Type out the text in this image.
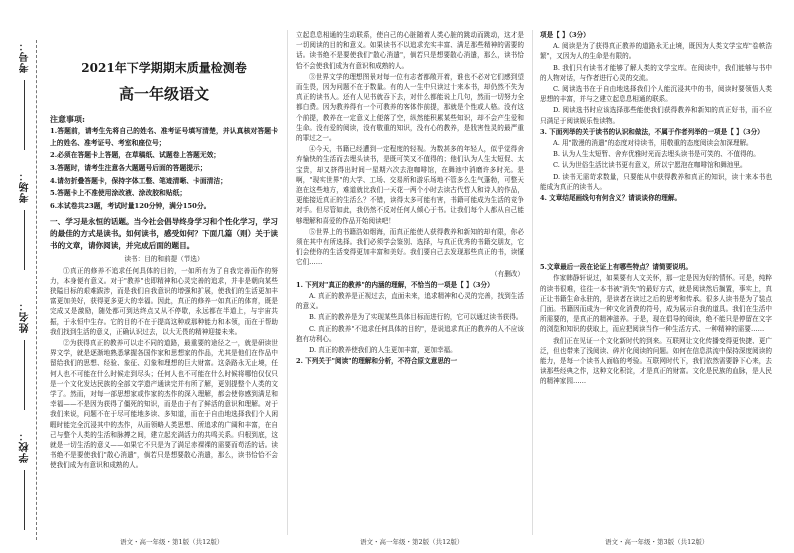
考号：
考场：
姓名：
学校：
2021年下学期期末质量检测卷
高一年级语文
注意事项:

1.答题前，请考生先将自己的姓名、准考证号填写清楚，并认真核对答题卡上的姓名、准考证号、考室和座位号；

2.必须在答题卡上答题，在草稿纸、试题卷上答题无效；

3.答题时，请考生注意各大题题号后面的答题提示；

4.请勿折叠答题卡，保持字体工整、笔迹清晰、卡面清洁；

5.答题卡上不准使用涂改液、涂改胶和贴纸；

6.本试卷共23题，考试时量120分钟，满分150分。

一、学习是永恒的话题。当今社会倡导终身学习和个性化学习，学习的最佳的方式是读书。如何读书，感受如何？下面几篇（则）关于读书的文章，请你阅读，并完成后面的题目。

读书：目的和前提（节选）

①真正的修养不追求任何具体的目的，一如所有为了自我完善而作的努力，本身便有意义。对于"教养"也即精神和心灵完善的追求，并非是朝向某些狭隘目标的艰难跋涉，而是我们自我意识的增强和扩展，使我们的生活更加丰富更加美好，获得更多更大的幸福。因此，真正的修养一如真正的体育，既是完成又是激励，随处都可到达终点又从不停歇，永远都在半道上，与宇宙共振，于永恒中生存。它的目的不在于提高这种或那种能力和本领，而在于帮助我们找到生活的意义，正确认识过去，以大无畏的精神迎接未来。

②为获得真正的教养可以走不同的道路，最重要的途径之一，就是研读世界文学，就是逐渐地熟悉掌握各国作家和思想家的作品，尤其是他们在作品中留给我们的思想、经验、象征、幻象和理想的巨大财富。这条路永无止境，任何人也不可能在什么时候走到尽头；任何人也不可能在什么时候将哪怕仅仅只是一个文化发达民族的全部文学遗产通读完并有所了解，更别提整个人类的文学了。然而，对每一部思想家或作家的杰作的深入理解，都会使你感到满足和幸福——不是因为获得了僵死的知识，而是由于有了鲜活的意识和理解。对于我们来说，问题不在于尽可能地多读、多知道，而在于自由地选择我们个人闲暇时能完全沉浸其中的杰作，从而领略人类思想、所追求的广阔和丰富，在自己与整个人类的生活和脉搏之间，建立起充满活力的共鸣关系。归根到底，这就是一切生活的意义——如果它不只是为了满足赤裸裸的需要而苟活的话。读书绝不是要使我们"散心消遣"，倘若只是想要散心消遣，那么，读书恰恰不会使我们成为有意识和成熟的人。

立起息息相通的生动联系，使自己的心脏随着人类心脏的跳动而跳动，这才是一切阅读的目的和意义。如果读书不以追求充实丰富、满足那些精神的需要的话。读书绝不是要使我们"散心消遣"，倘若只是想要散心消遣，那么，读书恰恰不会使我们成为有意识和成熟的人。

③世界文学的理想图景对每一位有志者都敞开着，谁也不必对它们感到望而生畏，因为问题不在于数量。有的人一生中只读过十来本书，却仍然不失为真正的读书人。还有人见书就吞下去，对什么都能说上几句，然而一切努力全都白费。因为教养得有一个可教养的客体作前提，那就是个性或人格。没有这个前提，教养在一定意义上便落了空，纵然能积累某些知识，却不会产生爱和生命。没有爱的阅读，没有敬重的知识，没有心的教养，是戕害性灵的最严重的罪过之一。

④今天，书籍已经遭到一定程度的轻视。为数甚多的年轻人，似乎觉得舍弃愉快的生活而去埋头读书，是既可笑又不值得的；他们认为人生太短促、太宝贵，却又挤得出时间一星期六次去泡咖啡馆，在舞池中消磨许多时光。是啊，"现实世界"的大学、工场、交易所和游乐场地不管多么生气蓬勃，可整天泡在这些地方，难道就比我们一天花一两个小时去读古代哲人和诗人的作品，更能接近真正的生活么？不错，读得太多可能有害，书籍可能成为生活的竞争对手。但尽管如此，我仍然不反对任何人倾心于书。让我们每个人都从自己能够理解和喜爱的作品开始阅读吧！

⑤世界上的书籍浩如烟海，而真正能使人获得教养和新知的却有限，你必须在其中有所选择。我们必须学会鉴别、选择，与真正优秀的书籍交朋友，它们会使你的生活变得更加丰富和美好。我们要自己去发现那些真正的书，读懂它们……

（有删改）

1. 下列对"真正的教养"的内涵的理解，不恰当的一项是【 】（3分）

A. 真正的教养是正视过去，直面未来，追求精神和心灵的完善，找到生活的意义。

B. 真正的教养是为了实现某些具体目标而进行的，它可以通过读书获得。

C. 真正的教养"不追求任何具体的目的"，是说追求真正的教养的人不应该抱有功利心。

D. 真正的教养使我们的人生更加丰富，更加幸福。

2. 下列关于"阅读"的理解和分析，不符合原文意思的一

项是【 】（3分）

A. 阅读是为了获得真正教养的道路永无止境，既因为人类文学宝库"卷帙浩繁"，又因为人的生命是有限的。

B. 我们只有读书才能够了解人类的文学宝库。在阅读中，我们能够与书中的人物对话，与作者进行心灵的交流。

C. 阅读选书在于自由地选择我们个人能沉浸其中的书，阅读时要领悟人类思想的丰富，并与之建立起息息相通的联系。

D. 阅读选书时应该选择那些能使我们获得教养和新知的真正好书，而不应只满足于阅读娱乐性读物。

3. 下面列举的关于读书的认识和做法，不属于作者列举的一项是【 】（3分）

A. 用"散漫的消遣"的态度对待读书，用敬重的态度阅读会加深理解。

B. 认为人生太短暂、舍弃优雅时光而去埋头读书是可笑的、不值得的。

C. 认为世俗生活比读书更有意义，所以宁愿泡在咖啡馆和舞池里。

D. 读书无需苛求数量，只要能从中获得教养和真正的知识，读十来本书也能成为真正的读书人。

4. 文章结尾画线句有何含义？请谈谈你的理解。

5.文章最后一段在论证上有哪些特点？请简要说明。

作家韩静轩说过，如果要有人文关怀，那一定是因为好的情怀。可是，纯粹的读书很难，往往一本书被"消失"的最好方式，就是阅读然后搁置，事实上，真正让书籍生命永驻的，是读者在读过之后的思考和传承。很多人读书是为了装点门面。书籍因而成为一种文化消费的符号，成为展示自我的道具。我们在生活中所需要的，是真正的精神滋养。于是，现在倡导的阅读，绝不能只是停留在文字的浏览和知识的获取上，而应把阅读当作一种生活方式、一种精神的需要……

我们正在见证一个文化新时代的到来。互联网让文化传播变得更快捷、更广泛，但也带来了浅阅读、碎片化阅读的问题。如何在信息洪流中保持深度阅读的能力，是每一个读书人面临的考验。互联网时代下，我们依然需要静下心来，去读那些经典之作，这种文化积淀，才是真正的财富。文化是民族的血脉，是人民的精神家园……

语文・高一年级・第1版（共12版）	语文・高一年级・第2版（共12版）	语文・高一年级・第3版（共12版）
